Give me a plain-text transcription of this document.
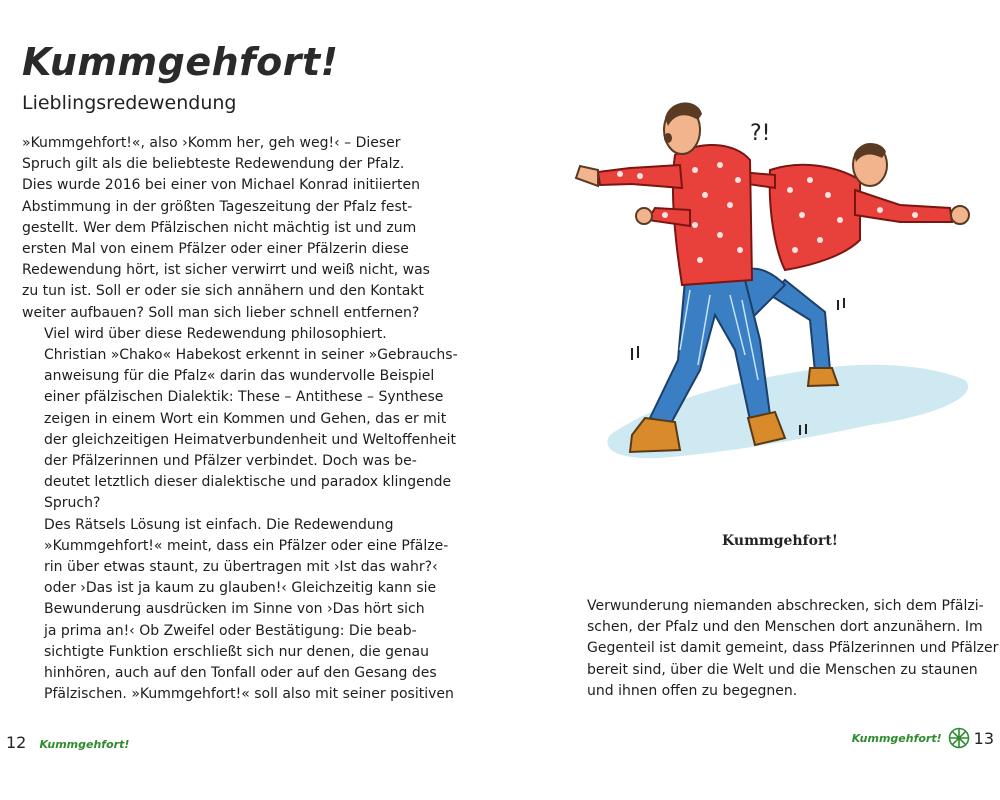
Kummgehfort!
Lieblingsredewendung

»Kummgehfort!«, also ›Komm her, geh weg!‹ – Dieser
Spruch gilt als die beliebteste Redewendung der Pfalz.
Dies wurde 2016 bei einer von Michael Konrad initiierten
Abstimmung in der größten Tageszeitung der Pfalz fest-
gestellt. Wer dem Pfälzischen nicht mächtig ist und zum
ersten Mal von einem Pfälzer oder einer Pfälzerin diese
Redewendung hört, ist sicher verwirrt und weiß nicht, was
zu tun ist. Soll er oder sie sich annähern und den Kontakt
weiter aufbauen? Soll man sich lieber schnell entfernen?

Viel wird über diese Redewendung philosophiert.
Christian »Chako« Habekost erkennt in seiner »Gebrauchs-
anweisung für die Pfalz« darin das wundervolle Beispiel
einer pfälzischen Dialektik: These – Antithese – Synthese
zeigen in einem Wort ein Kommen und Gehen, das er mit
der gleichzeitigen Heimatverbundenheit und Weltoffenheit
der Pfälzerinnen und Pfälzer verbindet. Doch was be-
deutet letztlich dieser dialektische und paradox klingende
Spruch?

Des Rätsels Lösung ist einfach. Die Redewendung
»Kummgehfort!« meint, dass ein Pfälzer oder eine Pfälze-
rin über etwas staunt, zu übertragen mit ›Ist das wahr?‹
oder ›Das ist ja kaum zu glauben!‹ Gleichzeitig kann sie
Bewunderung ausdrücken im Sinne von ›Das hört sich
ja prima an!‹ Ob Zweifel oder Bestätigung: Die beab-
sichtigte Funktion erschließt sich nur denen, die genau
hinhören, auch auf den Tonfall oder auf den Gesang des
Pfälzischen. »Kummgehfort!« soll also mit seiner positiven

?!
Kummgehfort!
Verwunderung niemanden abschrecken, sich dem Pfälzi-
schen, der Pfalz und den Menschen dort anzunähern. Im
Gegenteil ist damit gemeint, dass Pfälzerinnen und Pfälzer
bereit sind, über die Welt und die Menschen zu staunen
und ihnen offen zu begegnen.
12 Kummgehfort!	Kummgehfort! 13
